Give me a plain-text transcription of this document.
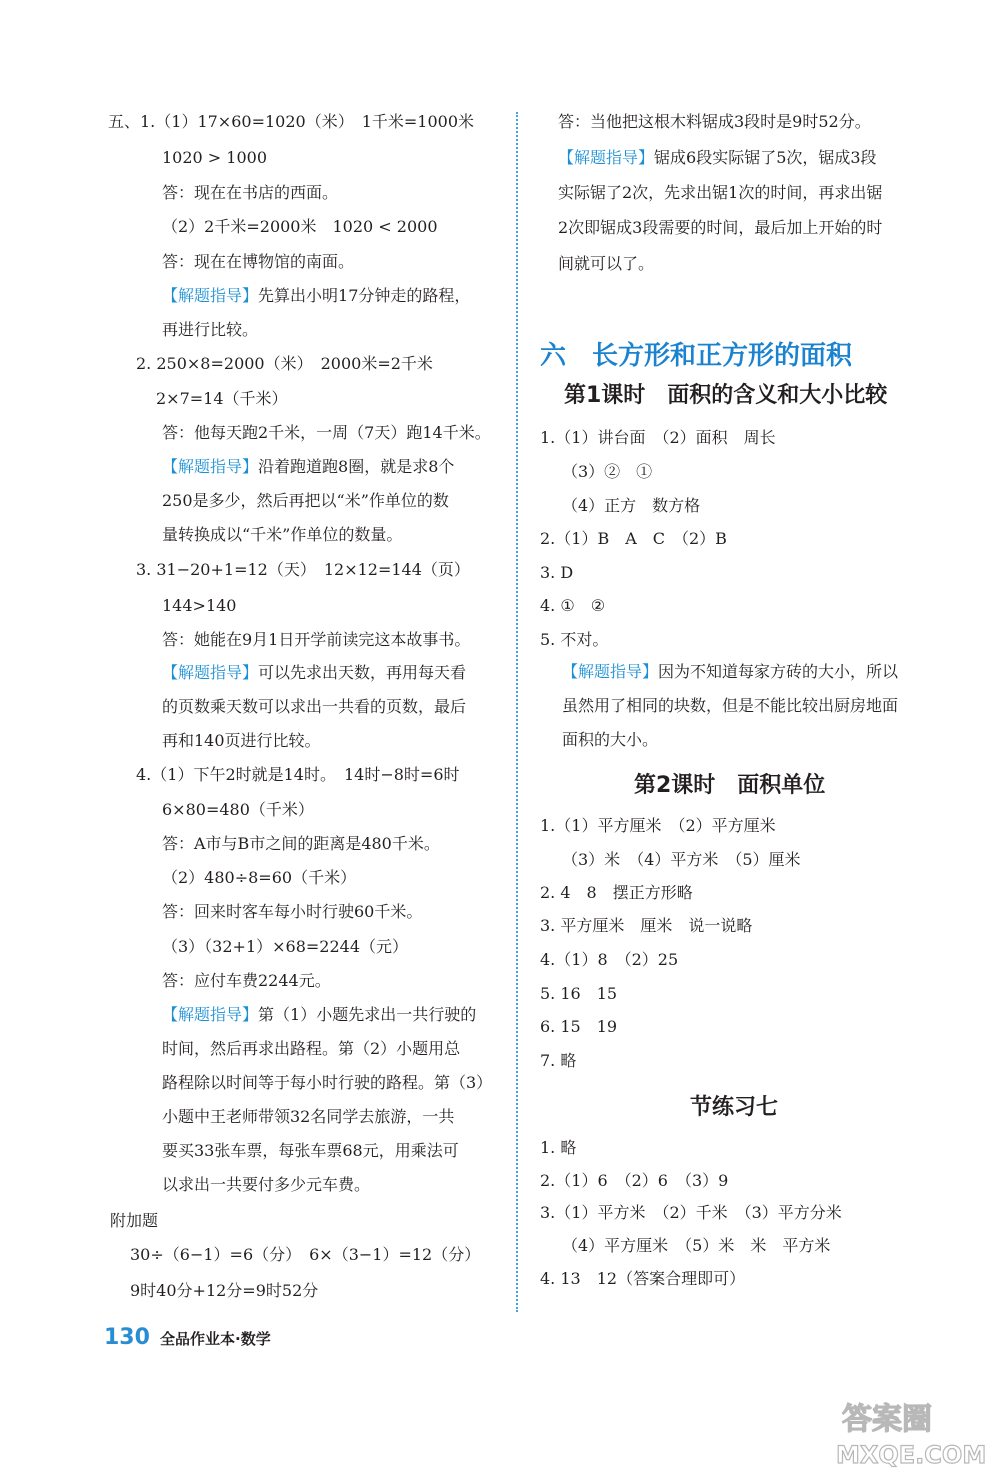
五、1.（1）17×60=1020（米）　1千米=1000米
1020 > 1000
答：现在在书店的西面。
（2）2千米=2000米　1020 < 2000
答：现在在博物馆的南面。
【解题指导】先算出小明17分钟走的路程，
再进行比较。
2. 250×8=2000（米）　2000米=2千米
2×7=14（千米）
答：他每天跑2千米，一周（7天）跑14千米。
【解题指导】沿着跑道跑8圈，就是求8个
250是多少，然后再把以“米”作单位的数
量转换成以“千米”作单位的数量。
3. 31−20+1=12（天）　12×12=144（页）
144>140
答：她能在9月1日开学前读完这本故事书。
【解题指导】可以先求出天数，再用每天看
的页数乘天数可以求出一共看的页数，最后
再和140页进行比较。
4.（1）下午2时就是14时。　14时−8时=6时
6×80=480（千米）
答：A市与B市之间的距离是480千米。
（2）480÷8=60（千米）
答：回来时客车每小时行驶60千米。
（3）（32+1）×68=2244（元）
答：应付车费2244元。
【解题指导】第（1）小题先求出一共行驶的
时间，然后再求出路程。第（2）小题用总
路程除以时间等于每小时行驶的路程。第（3）
小题中王老师带领32名同学去旅游，一共
要买33张车票，每张车票68元，用乘法可
以求出一共要付多少元车费。
附加题
30÷（6−1）=6（分）　6×（3−1）=12（分）
9时40分+12分=9时52分
答：当他把这根木料锯成3段时是9时52分。
【解题指导】锯成6段实际锯了5次，锯成3段
实际锯了2次，先求出锯1次的时间，再求出锯
2次即锯成3段需要的时间，最后加上开始的时
间就可以了。
六　长方形和正方形的面积
第1课时　面积的含义和大小比较
1.（1）讲台面　（2）面积　周长
（3）②　①
（4）正方　数方格
2.（1）B　A　C　（2）B
3. D
4. ①　②
5. 不对。
【解题指导】因为不知道每家方砖的大小，所以
虽然用了相同的块数，但是不能比较出厨房地面
面积的大小。
第2课时　面积单位
1.（1）平方厘米　（2）平方厘米
（3）米　（4）平方米　（5）厘米
2. 4　8　摆正方形略
3. 平方厘米　厘米　说一说略
4.（1）8　（2）25
5. 16　15
6. 15　19
7. 略
节练习七
1. 略
2.（1）6　（2）6　（3）9
3.（1）平方米　（2）千米　（3）平方分米
（4）平方厘米　（5）米　米　平方米
4. 13　12（答案合理即可）
130 全品作业本·数学
答案圈
MXQE.COM
